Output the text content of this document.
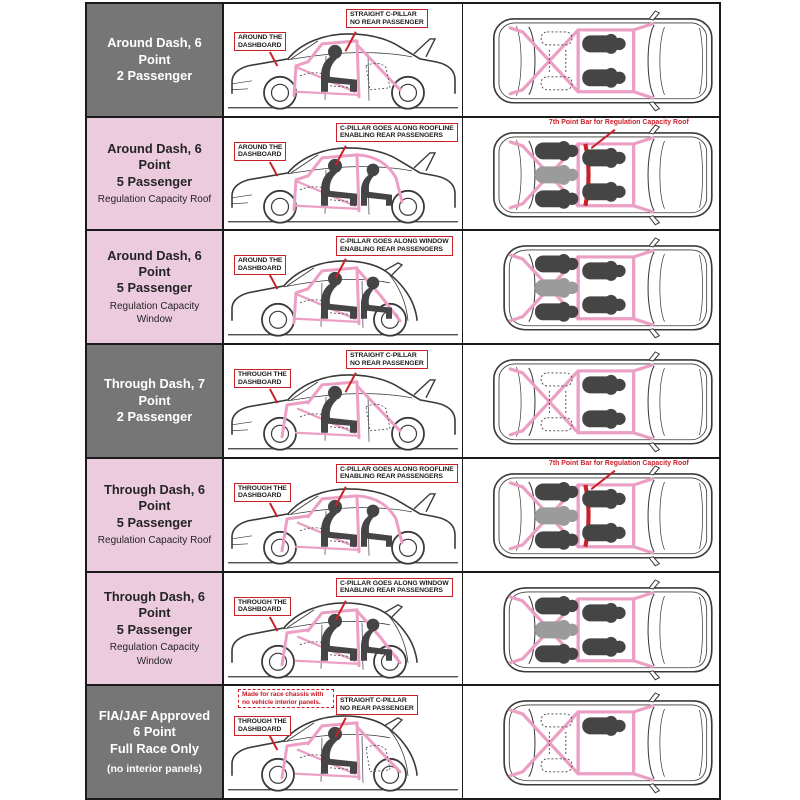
Around Dash, 6 Point
2 Passenger
AROUND THE
DASHBOARD
STRAIGHT C-PILLAR
NO REAR PASSENGER
Around Dash, 6 Point
5 Passenger
Regulation Capacity Roof
AROUND THE
DASHBOARD
C-PILLAR GOES ALONG ROOFLINE
ENABLING REAR PASSENGERS
7th Point Bar for Regulation Capacity Roof
Around Dash, 6 Point
5 Passenger
Regulation Capacity Window
AROUND THE
DASHBOARD
C-PILLAR GOES ALONG WINDOW
ENABLING REAR PASSENGERS
Through Dash, 7 Point
2 Passenger
THROUGH THE
DASHBOARD
STRAIGHT C-PILLAR
NO REAR PASSENGER
Through Dash, 6 Point
5 Passenger
Regulation Capacity Roof
THROUGH THE
DASHBOARD
C-PILLAR GOES ALONG ROOFLINE
ENABLING REAR PASSENGERS
7th Point Bar for Regulation Capacity Roof
Through Dash, 6 Point
5 Passenger
Regulation Capacity Window
THROUGH THE
DASHBOARD
C-PILLAR GOES ALONG WINDOW
ENABLING REAR PASSENGERS
FIA/JAF Approved
6 Point
Full Race Only
(no interior panels)
Made for race chassis with no vehicle interior panels.
THROUGH THE
DASHBOARD
STRAIGHT C-PILLAR
NO REAR PASSENGER
